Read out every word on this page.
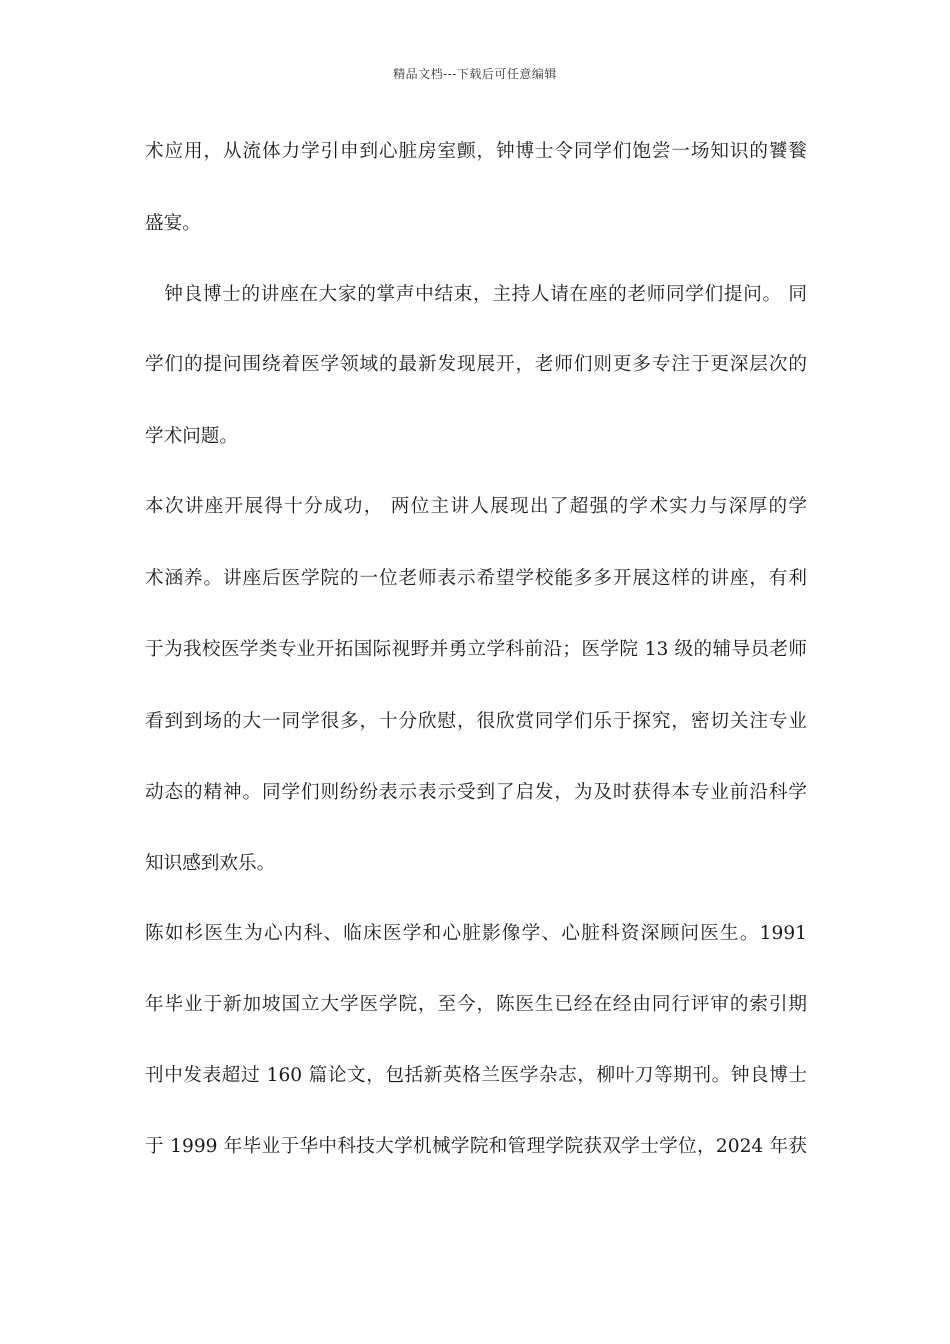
精品文档---下载后可任意编辑
术应用，从流体力学引申到心脏房室颤，钟博士令同学们饱尝一场知识的饕餮
盛宴。
　钟良博士的讲座在大家的掌声中结束，主持人请在座的老师同学们提问。 同
学们的提问围绕着医学领域的最新发现展开，老师们则更多专注于更深层次的
学术问题。
本次讲座开展得十分成功， 两位主讲人展现出了超强的学术实力与深厚的学
术涵养。讲座后医学院的一位老师表示希望学校能多多开展这样的讲座，有利
于为我校医学类专业开拓国际视野并勇立学科前沿；医学院 13 级的辅导员老师
看到到场的大一同学很多，十分欣慰，很欣赏同学们乐于探究，密切关注专业
动态的精神。同学们则纷纷表示表示受到了启发，为及时获得本专业前沿科学
知识感到欢乐。
陈如杉医生为心内科、临床医学和心脏影像学、心脏科资深顾问医生。1991
年毕业于新加坡国立大学医学院，至今，陈医生已经在经由同行评审的索引期
刊中发表超过 160 篇论文，包括新英格兰医学杂志，柳叶刀等期刊。钟良博士
于 1999 年毕业于华中科技大学机械学院和管理学院获双学士学位，2024 年获
